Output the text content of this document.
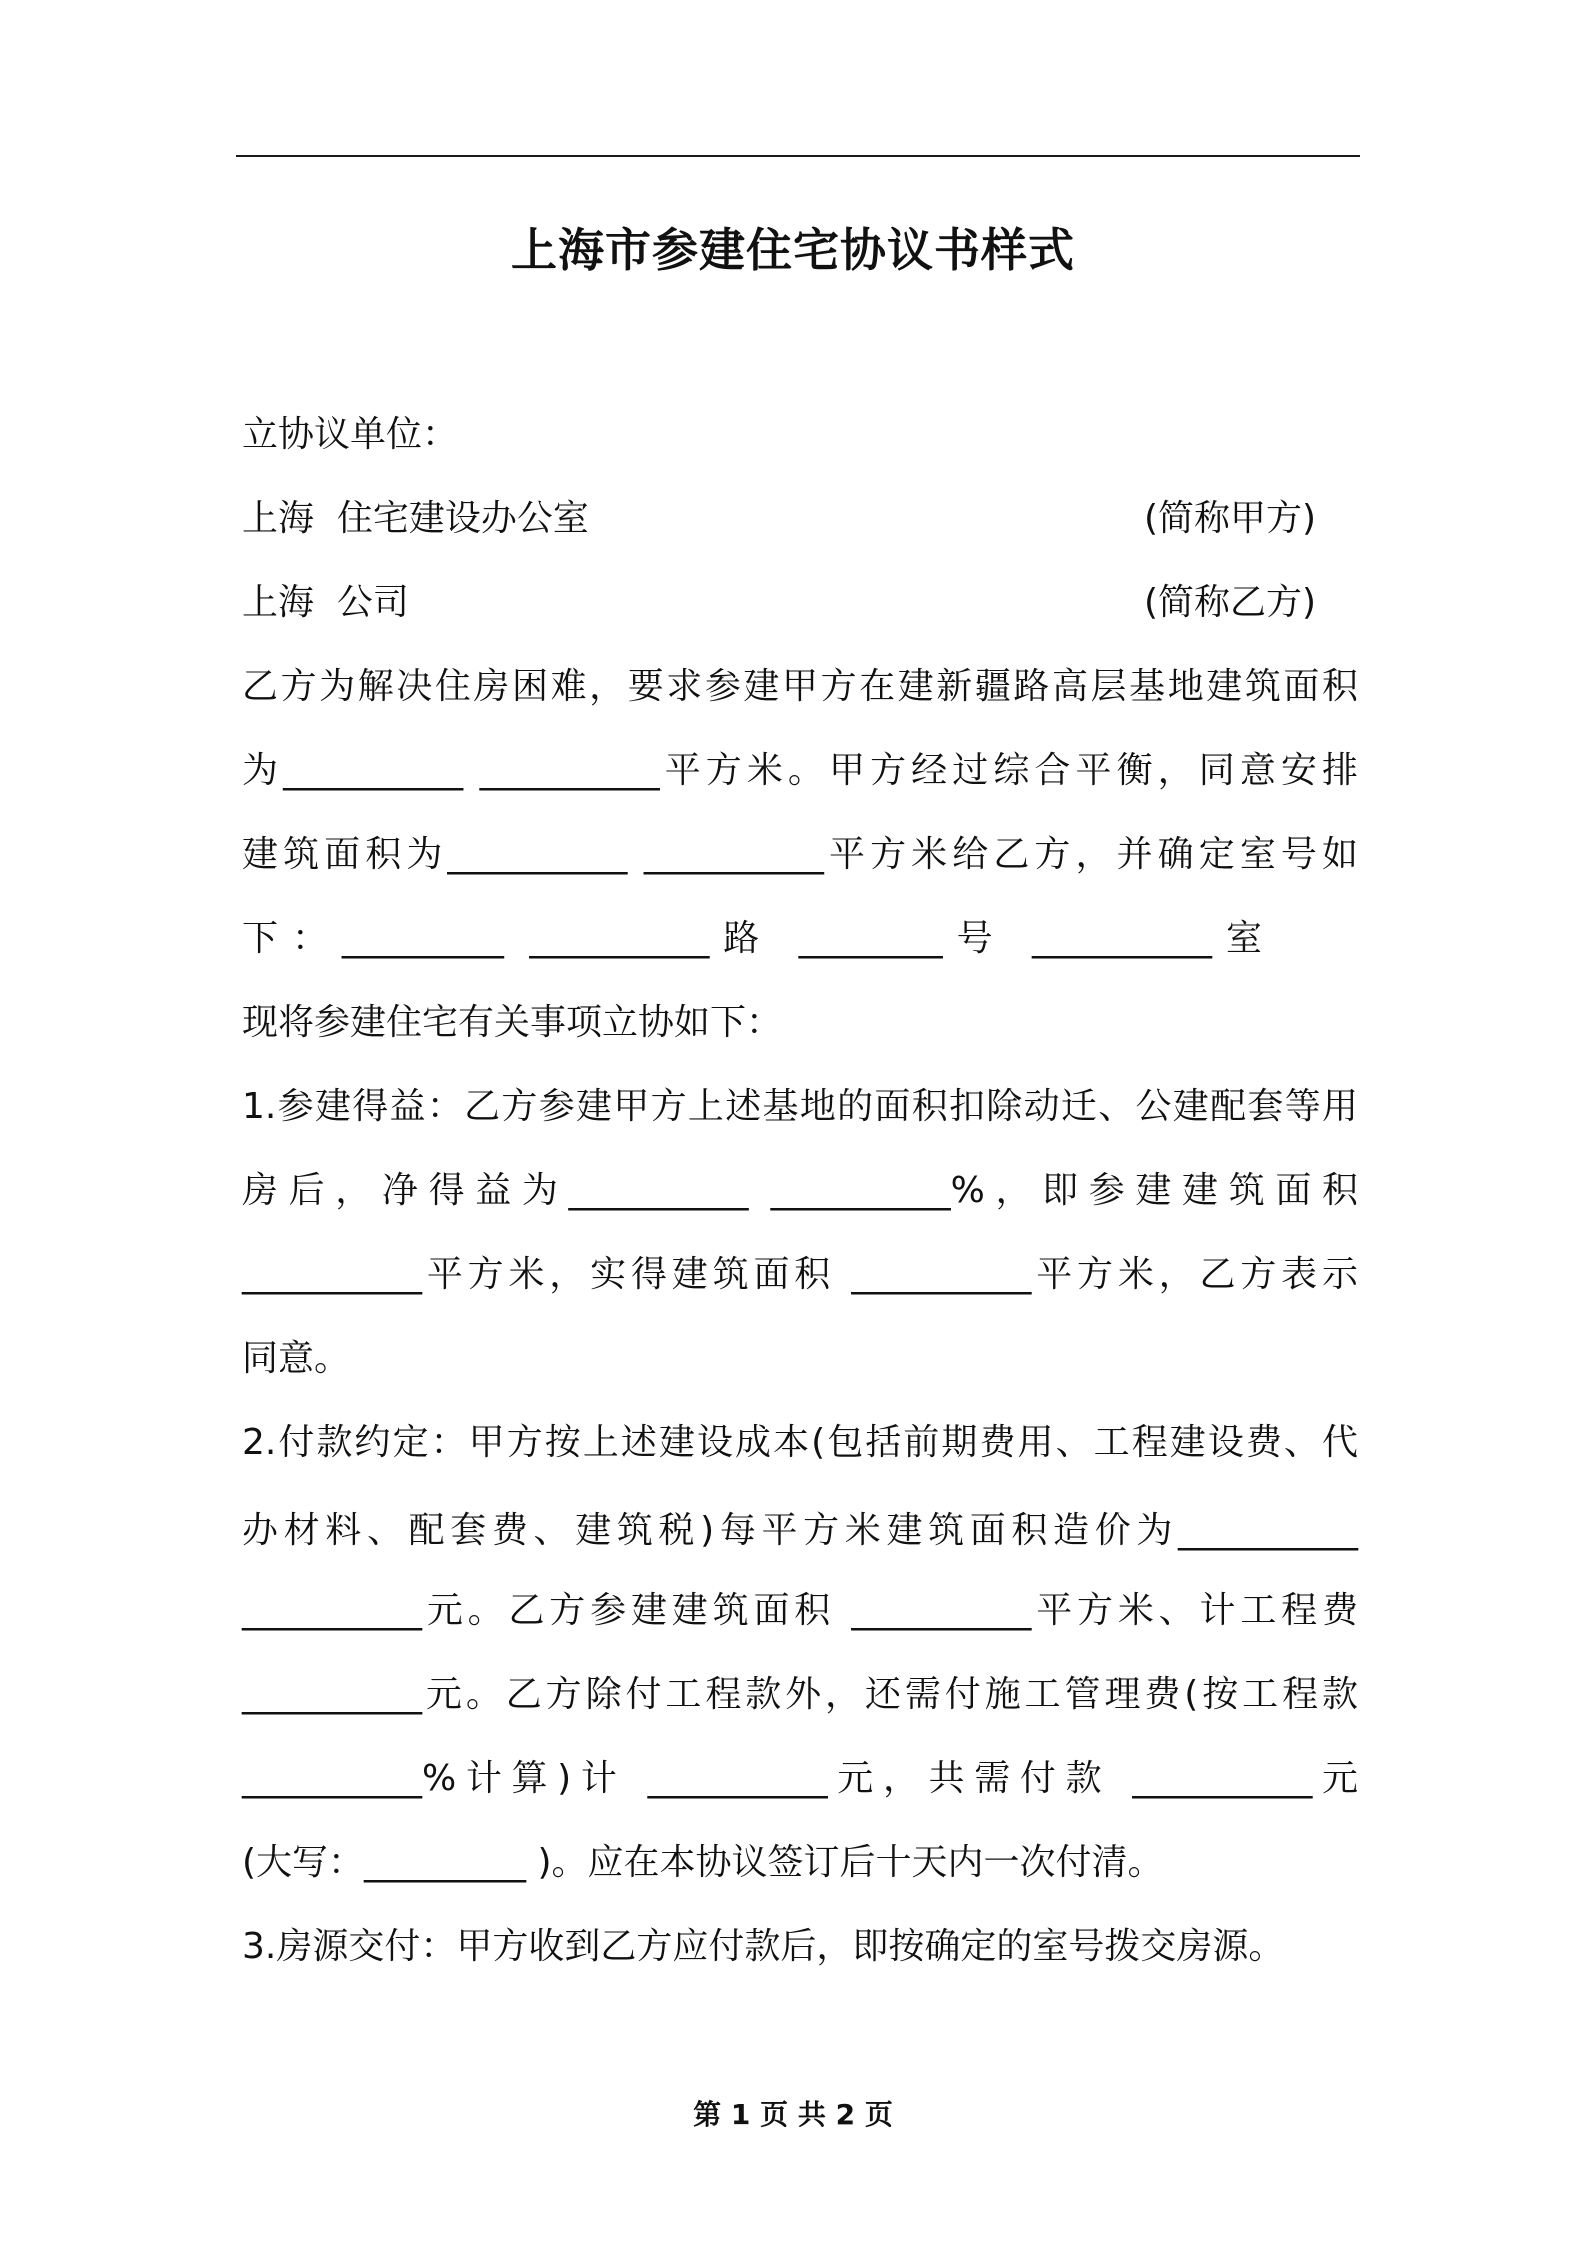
上海市参建住宅协议书样式
立协议单位：
上海  住宅建设办公室	(简称甲方)
上海  公司	(简称乙方)
乙方为解决住房困难，要求参建甲方在建新疆路高层基地建筑面积
为__________ __________平方米。甲方经过综合平衡，同意安排
建筑面积为__________ __________平方米给乙方，并确定室号如
下：_________ __________路 ________号 __________室
现将参建住宅有关事项立协如下：
1.参建得益：乙方参建甲方上述基地的面积扣除动迁、公建配套等用
房后，净得益为__________ __________%，即参建建筑面积
__________平方米，实得建筑面积 __________平方米，乙方表示
同意。
2.付款约定：甲方按上述建设成本(包括前期费用、工程建设费、代
办材料、配套费、建筑税)每平方米建筑面积造价为__________
__________元。乙方参建建筑面积 __________平方米、计工程费
__________元。乙方除付工程款外，还需付施工管理费(按工程款
__________%计算)计 __________元，共需付款 __________元
(大写：_________ )。应在本协议签订后十天内一次付清。
3.房源交付：甲方收到乙方应付款后，即按确定的室号拨交房源。
第 1 页 共 2 页
